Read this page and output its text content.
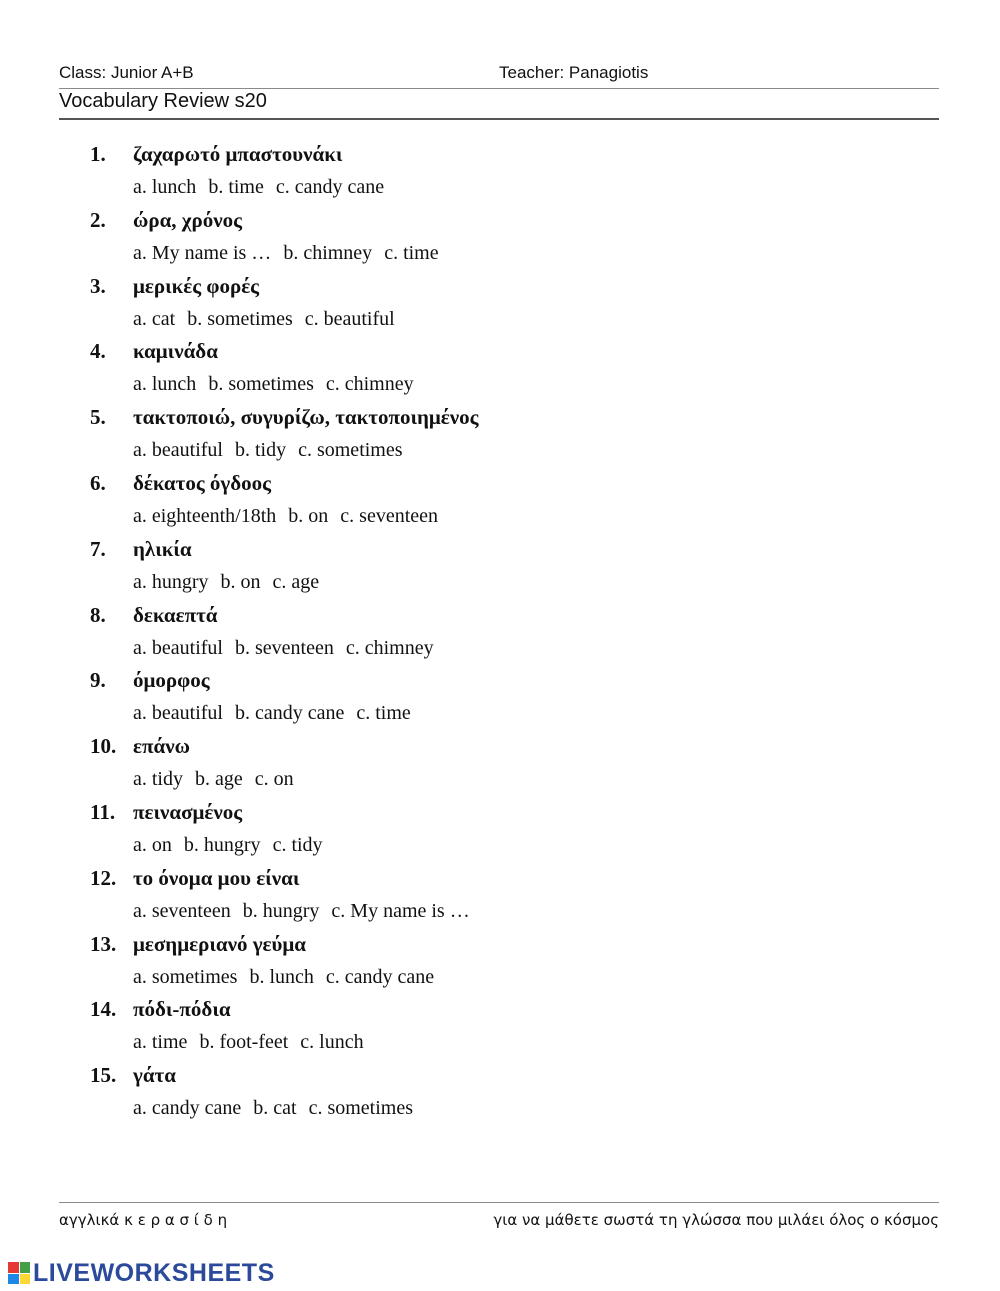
Class: Junior A+B	Teacher: Panagiotis
Vocabulary Review s20
1.	ζαχαρωτό μπαστουνάκι
a. lunch b. time c. candy cane
2.	ώρα, χρόνος
a. My name is … b. chimney c. time
3.	μερικές φορές
a. cat b. sometimes c. beautiful
4.	καμινάδα
a. lunch b. sometimes c. chimney
5.	τακτοποιώ, συγυρίζω, τακτοποιημένος
a. beautiful b. tidy c. sometimes
6.	δέκατος όγδοος
a. eighteenth/18th b. on c. seventeen
7.	ηλικία
a. hungry b. on c. age
8.	δεκαεπτά
a. beautiful b. seventeen c. chimney
9.	όμορφος
a. beautiful b. candy cane c. time
10. επάνω
a. tidy b. age c. on
11. πεινασμένος
a. on b. hungry c. tidy
12. το όνομα μου είναι
a. seventeen b. hungry c. My name is …
13. μεσημεριανό γεύμα
a. sometimes b. lunch c. candy cane
14. πόδι-πόδια
a. time b. foot-feet c. lunch
15. γάτα
a. candy cane b. cat c. sometimes
αγγλικά κ ε ρ α σ ί δ η	για να μάθετε σωστά τη γλώσσα που μιλάει όλος ο κόσμος
LIVEWORKSHEETS
